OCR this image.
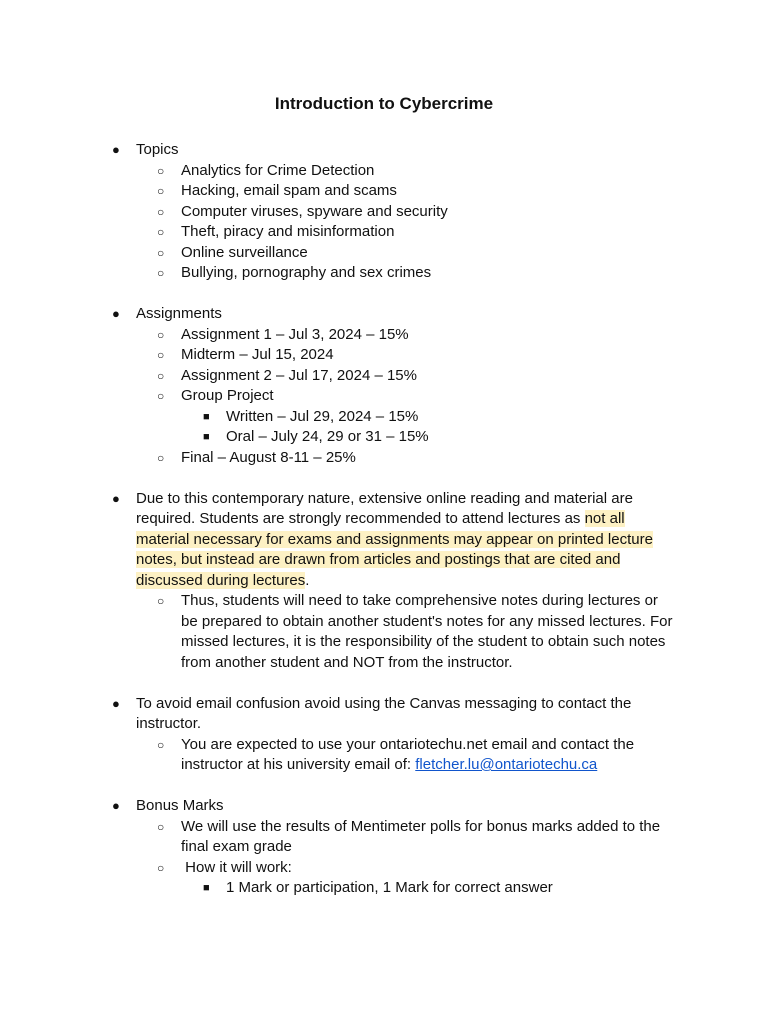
Introduction to Cybercrime
● Topics
○ Analytics for Crime Detection
○ Hacking, email spam and scams
○ Computer viruses, spyware and security
○ Theft, piracy and misinformation
○ Online surveillance
○ Bullying, pornography and sex crimes
● Assignments
○ Assignment 1 – Jul 3, 2024 – 15%
○ Midterm – Jul 15, 2024
○ Assignment 2 – Jul 17, 2024 – 15%
○ Group Project
■ Written – Jul 29, 2024 – 15%
■ Oral – July 24, 29 or 31 – 15%
○ Final – August 8-11 – 25%
● Due to this contemporary nature, extensive online reading and material are required. Students are strongly recommended to attend lectures as not all material necessary for exams and assignments may appear on printed lecture notes, but instead are drawn from articles and postings that are cited and discussed during lectures.
○ Thus, students will need to take comprehensive notes during lectures or be prepared to obtain another student's notes for any missed lectures. For missed lectures, it is the responsibility of the student to obtain such notes from another student and NOT from the instructor.
● To avoid email confusion avoid using the Canvas messaging to contact the instructor.
○ You are expected to use your ontariotechu.net email and contact the instructor at his university email of: fletcher.lu@ontariotechu.ca
● Bonus Marks
○ We will use the results of Mentimeter polls for bonus marks added to the final exam grade
○ How it will work:
■ 1 Mark or participation, 1 Mark for correct answer
